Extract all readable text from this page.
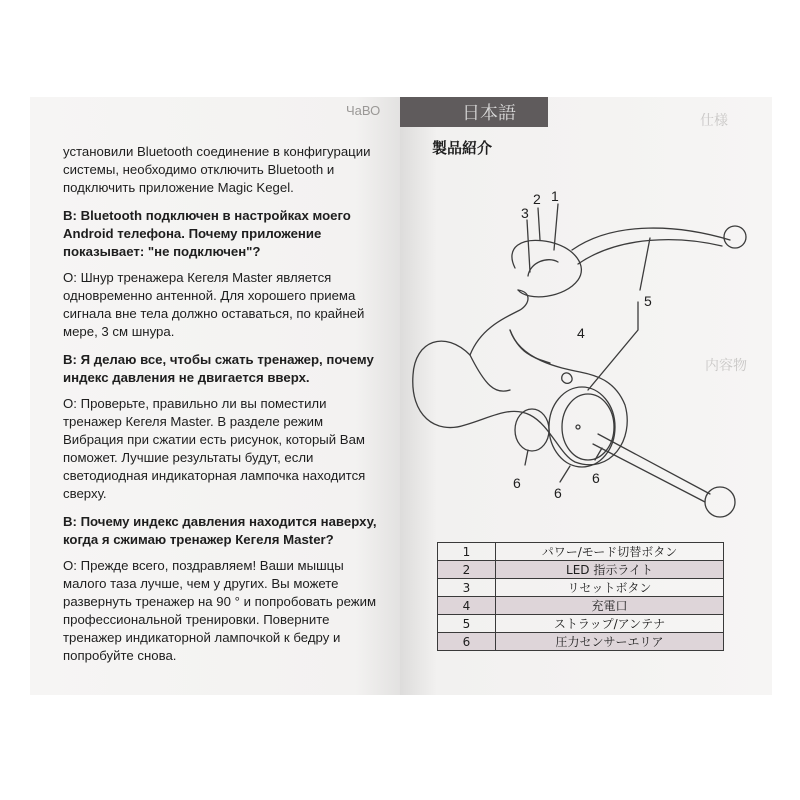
仕様
内容物
ЧаВО	日本語

установили Bluetooth соединение в конфигурации системы, необходимо отключить Bluetooth и подключить приложение Magic Kegel.

В: Bluetooth подключен в настройках моего Android телефона. Почему приложение показывает: "не подключен"?

О: Шнур тренажера Кегеля Master является одновременно антенной. Для хорошего приема сигнала вне тела должно оставаться, по крайней мере, 3 см шнура.

В: Я делаю все, чтобы сжать тренажер, почему индекс давления не двигается вверх.

О: Проверьте, правильно ли вы поместили тренажер Кегеля Master. В разделе режим Вибрация при сжатии есть рисунок, который Вам поможет. Лучшие результаты будут, если светодиодная индикаторная лампочка находится сверху.

В: Почему индекс давления находится наверху, когда я сжимаю тренажер Кегеля Master?

О: Прежде всего, поздравляем! Ваши мышцы малого таза лучше, чем у других. Вы можете развернуть тренажер на 90 ° и попробовать режим профессиональной тренировки. Поверните тренажер индикаторной лампочкой к бедру и попробуйте снова.

製品紹介
1
2
3
4
5
6
6
6
1	パワー/モード切替ボタン
2	LED 指示ライト
3	リセットボタン
4	充電口
5	ストラップ/アンテナ
6	圧力センサーエリア
